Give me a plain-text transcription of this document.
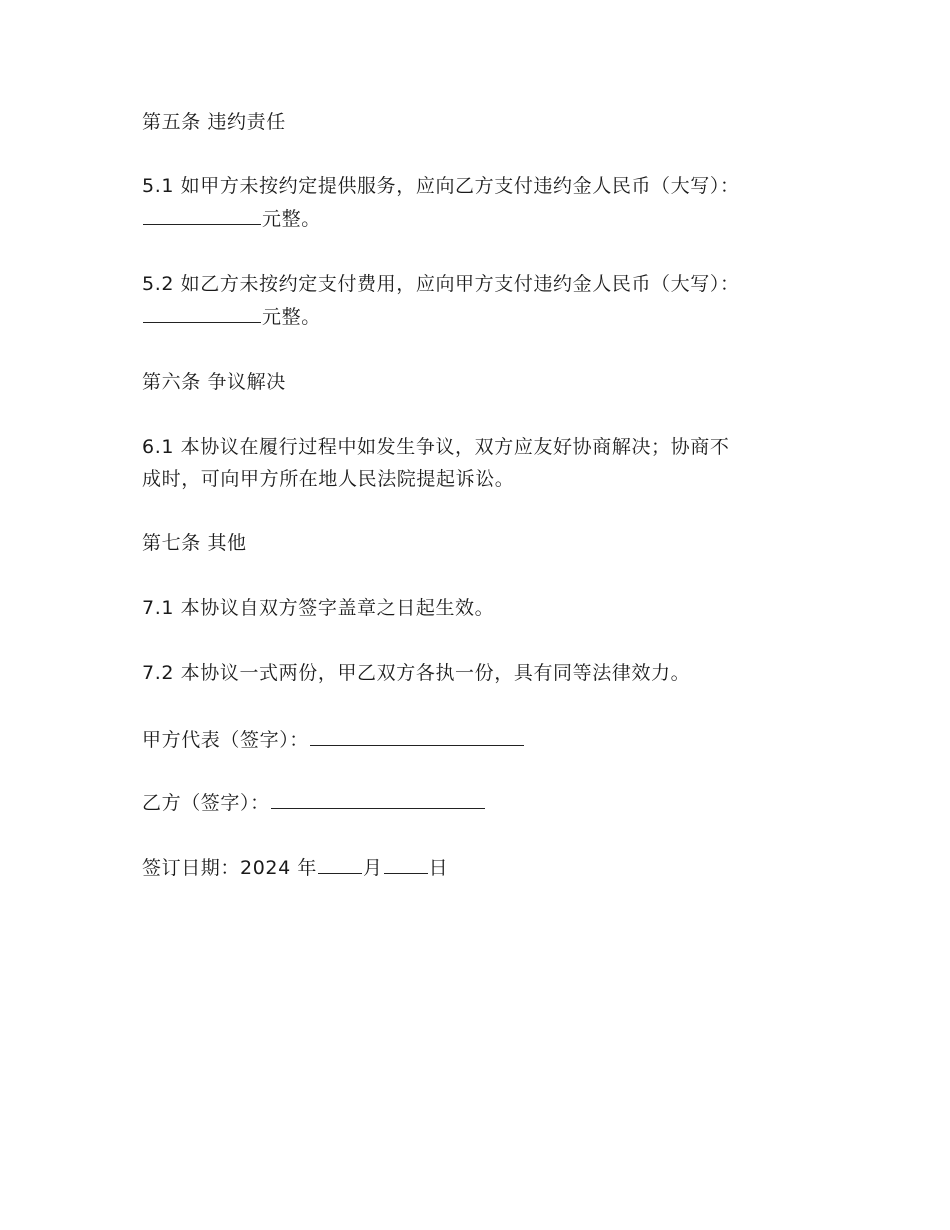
第五条 违约责任
5.1 如甲方未按约定提供服务，应向乙方支付违约金人民币（大写）：
元整。
5.2 如乙方未按约定支付费用，应向甲方支付违约金人民币（大写）：
元整。
第六条 争议解决
6.1 本协议在履行过程中如发生争议，双方应友好协商解决；协商不
成时，可向甲方所在地人民法院提起诉讼。
第七条 其他
7.1 本协议自双方签字盖章之日起生效。
7.2 本协议一式两份，甲乙双方各执一份，具有同等法律效力。
甲方代表（签字）：
乙方（签字）：
签订日期：2024 年 月 日
